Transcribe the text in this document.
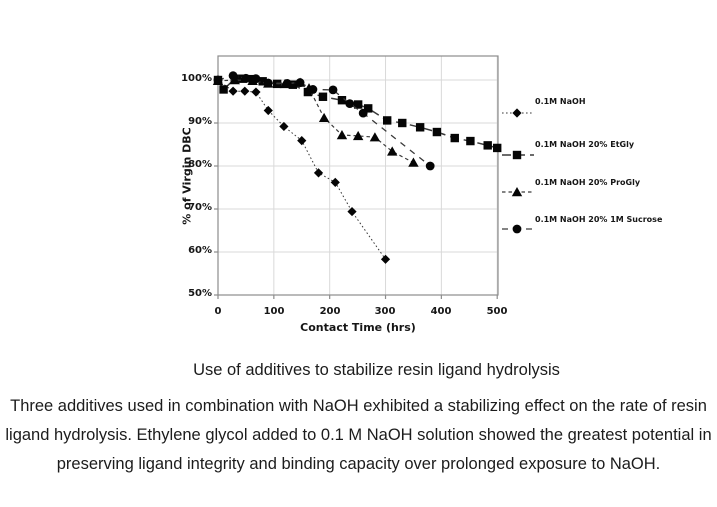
100%
90%
80%
70%
60%
50%
0	100	200	300	400	500
Contact Time (hrs)
% of Virgin DBC
0.1M NaOH
0.1M NaOH 20% EtGly
0.1M NaOH 20% ProGly
0.1M NaOH 20% 1M Sucrose
Use of additives to stabilize resin ligand hydrolysis
Three additives used in combination with NaOH exhibited a stabilizing effect on the rate of resin
ligand hydrolysis. Ethylene glycol added to 0.1 M NaOH solution showed the greatest potential in
preserving ligand integrity and binding capacity over prolonged exposure to NaOH.
